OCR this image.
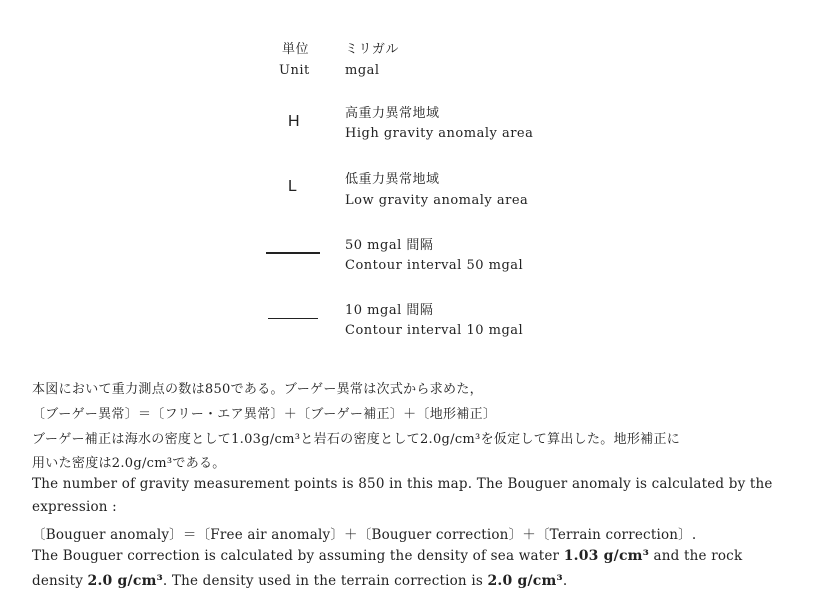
単位	ミリガル
Unit	mgal
H	高重力異常地域
High gravity anomaly area
L	低重力異常地域
Low gravity anomaly area
50 mgal 間隔
Contour interval 50 mgal
10 mgal 間隔
Contour interval 10 mgal
本図において重力測点の数は850である。ブーゲー異常は次式から求めた，
〔ブーゲー異常〕＝〔フリー・エア異常〕＋〔ブーゲー補正〕＋〔地形補正〕
ブーゲー補正は海水の密度として1.03g/cm³と岩石の密度として2.0g/cm³を仮定して算出した。地形補正に
用いた密度は2.0g/cm³である。
The number of gravity measurement points is 850 in this map. The Bouguer anomaly is calculated by the
expression :
〔Bouguer anomaly〕＝〔Free air anomaly〕＋〔Bouguer correction〕＋〔Terrain correction〕.
The Bouguer correction is calculated by assuming the density of sea water 1.03 g/cm³ and the rock
density 2.0 g/cm³. The density used in the terrain correction is 2.0 g/cm³.
